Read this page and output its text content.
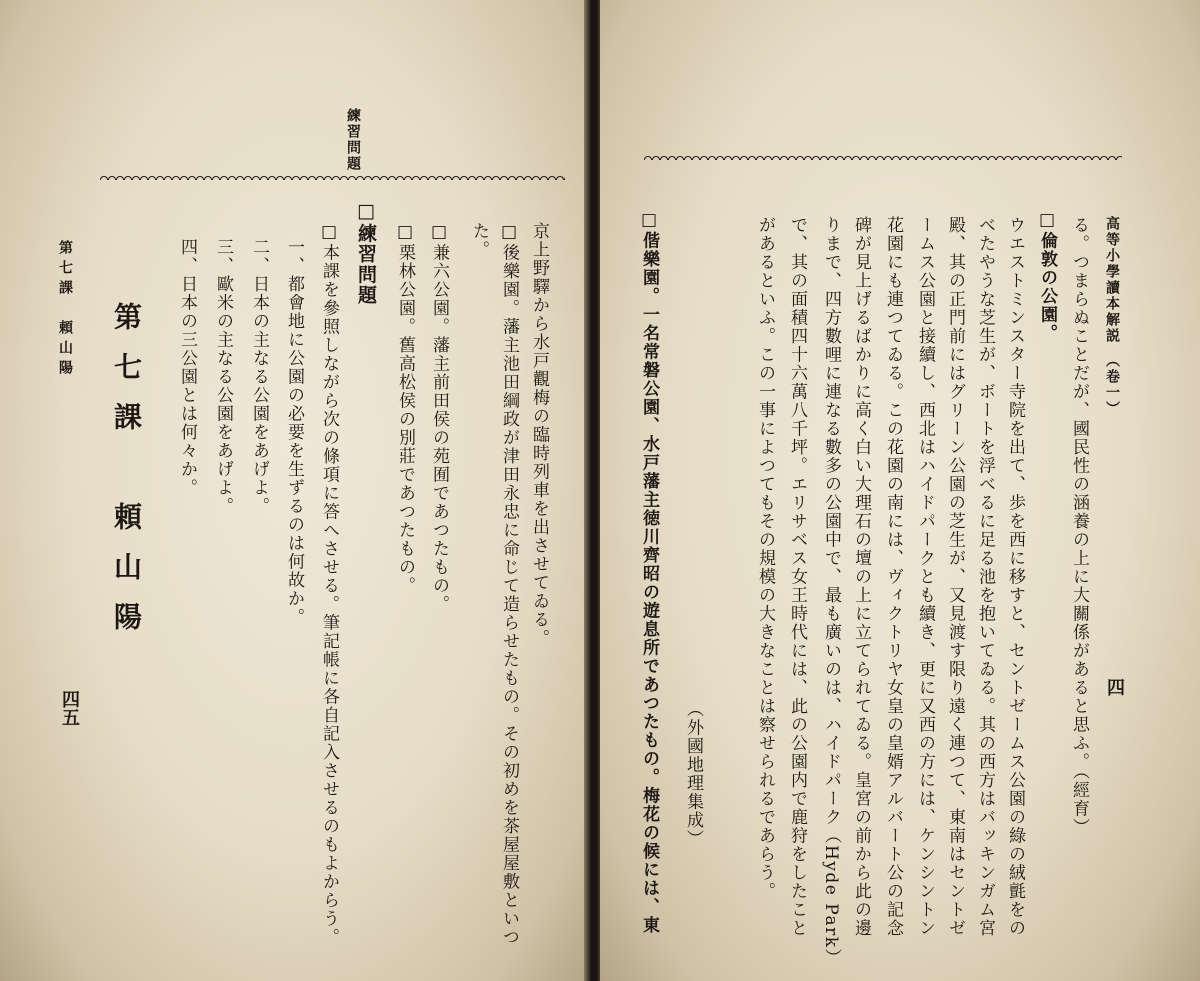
練習問題
京上野驛から水戸觀梅の臨時列車を出させてゐる。
□後樂園。藩主池田綱政が津田永忠に命じて造らせたもの。その初めを茶屋屋敷といつ
た。
□兼六公園。藩主前田侯の苑囿であつたもの。
□栗林公園。舊高松侯の別莊であつたもの。
□練習問題
□本課を參照しながら次の條項に答へさせる。筆記帳に各自記入させるのもよからう。
一、都會地に公園の必要を生ずるのは何故か。
二、日本の主なる公園をあげよ。
三、歐米の主なる公園をあげよ。
四、日本の三公園とは何々か。
第七課　頼山陽
第七課　頼山陽
四五
四
高等小學讀本解説　（卷一）
る。つまらぬことだが、國民性の涵養の上に大關係があると思ふ。（經育）
□倫敦の公園。
ウエストミンスター寺院を出て、歩を西に移すと、セントゼームス公園の綠の絨氈をの
べたやうな芝生が、ボートを浮べるに足る池を抱いてゐる。其の西方はバッキンガム宮
殿、其の正門前にはグリーン公園の芝生が、又見渡す限り遠く連つて、東南はセントゼ
ームス公園と接續し、西北はハイドパークとも續き、更に又西の方には、ケンシントン
花園にも連つてゐる。この花園の南には、ヴィクトリヤ女皇の皇婿アルバート公の記念
碑が見上げるばかりに高く白い大理石の壇の上に立てられてゐる。皇宮の前から此の邊
りまで、四方數哩に連なる數多の公園中で、最も廣いのは、ハイドパーク（Hyde Park）
で、其の面積四十六萬八千坪。エリサベス女王時代には、此の公園内で鹿狩をしたこと
があるといふ。この一事によつてもその規模の大きなことは察せられるであらう。
（外國地理集成）
□偕樂園。一名常磐公園、水戸藩主徳川齊昭の遊息所であつたもの。梅花の候には、東
